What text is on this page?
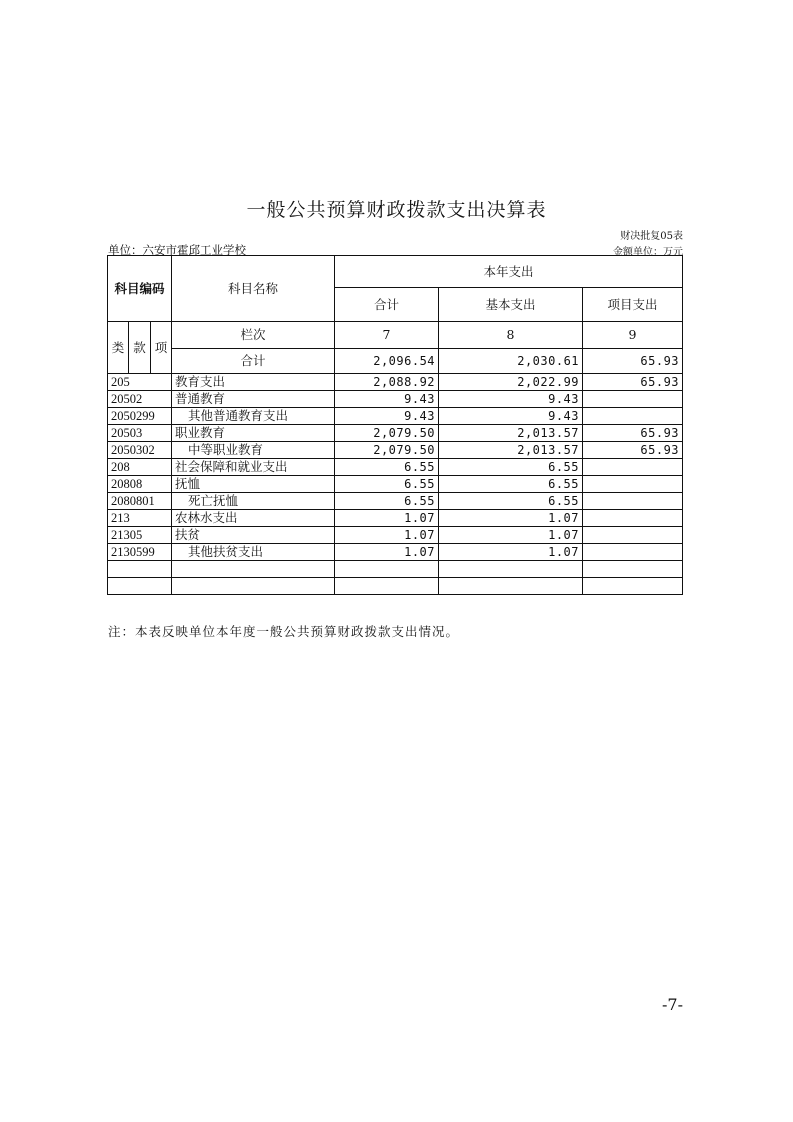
一般公共预算财政拨款支出决算表
财决批复05表
单位：六安市霍邱工业学校	金额单位：万元
科目编码			科目名称	本年支出		
				合计	基本支出	项目支出
类	款	项	栏次	7	8	9
			合计	2,096.54	2,030.61	65.93
205			教育支出	2,088.92	2,022.99	65.93
20502			普通教育	9.43	9.43	
2050299			其他普通教育支出	9.43	9.43	
20503			职业教育	2,079.50	2,013.57	65.93
2050302			中等职业教育	2,079.50	2,013.57	65.93
208			社会保障和就业支出	6.55	6.55	
20808			抚恤	6.55	6.55	
2080801			死亡抚恤	6.55	6.55	
213			农林水支出	1.07	1.07	
21305			扶贫	1.07	1.07	
2130599			其他扶贫支出	1.07	1.07	

注：本表反映单位本年度一般公共预算财政拨款支出情况。
-7-
